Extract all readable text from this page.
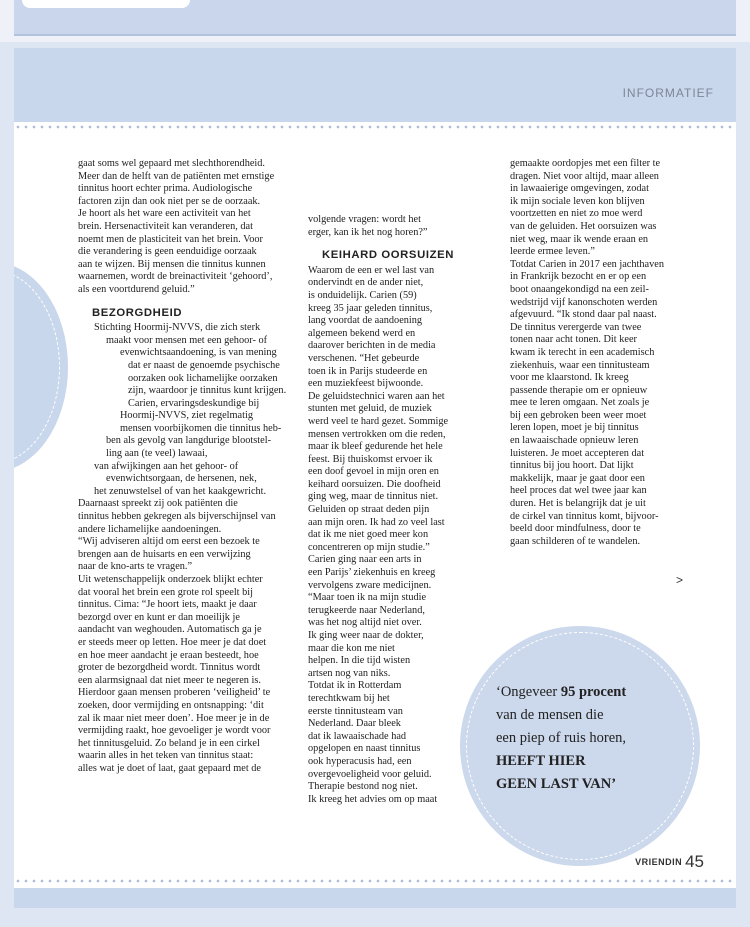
INFORMATIEF

gaat soms wel gepaard met slechthorendheid.

Meer dan de helft van de patiënten met ernstige

tinnitus hoort echter prima. Audiologische

factoren zijn dan ook niet per se de oorzaak.

Je hoort als het ware een activiteit van het

brein. Hersenactiviteit kan veranderen, dat

noemt men de plasticiteit van het brein. Voor

die verandering is geen eenduidige oorzaak

aan te wijzen. Bij mensen die tinnitus kunnen

waarnemen, wordt de breinactiviteit ‘gehoord’,

als een voortdurend geluid.”

BEZORGDHEID

Stichting Hoormij-NVVS, die zich sterk

maakt voor mensen met een gehoor- of

evenwichtsaandoening, is van mening

dat er naast de genoemde psychische

oorzaken ook lichamelijke oorzaken

zijn, waardoor je tinnitus kunt krijgen.

Carien, ervaringsdeskundige bij

Hoormij-NVVS, ziet regelmatig

mensen voorbijkomen die tinnitus heb-

ben als gevolg van langdurige blootstel-

ling aan (te veel) lawaai,

van afwijkingen aan het gehoor- of

evenwichtsorgaan, de hersenen, nek,

het zenuwstelsel of van het kaakgewricht.

Daarnaast spreekt zij ook patiënten die

tinnitus hebben gekregen als bijverschijnsel van

andere lichamelijke aandoeningen.

“Wij adviseren altijd om eerst een bezoek te

brengen aan de huisarts en een verwijzing

naar de kno-arts te vragen.”

Uit wetenschappelijk onderzoek blijkt echter

dat vooral het brein een grote rol speelt bij

tinnitus. Cima: “Je hoort iets, maakt je daar

bezorgd over en kunt er dan moeilijk je

aandacht van weghouden. Automatisch ga je

er steeds meer op letten. Hoe meer je dat doet

en hoe meer aandacht je eraan besteedt, hoe

groter de bezorgdheid wordt. Tinnitus wordt

een alarmsignaal dat niet meer te negeren is.

Hierdoor gaan mensen proberen ‘veiligheid’ te

zoeken, door vermijding en ontsnapping: ‘dit

zal ik maar niet meer doen’. Hoe meer je in de

vermijding raakt, hoe gevoeliger je wordt voor

het tinnitusgeluid. Zo beland je in een cirkel

waarin alles in het teken van tinnitus staat:

alles wat je doet of laat, gaat gepaard met de

volgende vragen: wordt het

erger, kan ik het nog horen?”

KEIHARD OORSUIZEN

Waarom de een er wel last van

ondervindt en de ander niet,

is onduidelijk. Carien (59)

kreeg 35 jaar geleden tinnitus,

lang voordat de aandoening

algemeen bekend werd en

daarover berichten in de media

verschenen. “Het gebeurde

toen ik in Parijs studeerde en

een muziekfeest bijwoonde.

De geluidstechnici waren aan het

stunten met geluid, de muziek

werd veel te hard gezet. Sommige

mensen vertrokken om die reden,

maar ik bleef gedurende het hele

feest. Bij thuiskomst ervoer ik

een doof gevoel in mijn oren en

keihard oorsuizen. Die doofheid

ging weg, maar de tinnitus niet.

Geluiden op straat deden pijn

aan mijn oren. Ik had zo veel last

dat ik me niet goed meer kon

concentreren op mijn studie.”

Carien ging naar een arts in

een Parijs’ ziekenhuis en kreeg

vervolgens zware medicijnen.

“Maar toen ik na mijn studie

terugkeerde naar Nederland,

was het nog altijd niet over.

Ik ging weer naar de dokter,

maar die kon me niet

helpen. In die tijd wisten

artsen nog van niks.

Totdat ik in Rotterdam

terechtkwam bij het

eerste tinnitusteam van

Nederland. Daar bleek

dat ik lawaaischade had

opgelopen en naast tinnitus

ook hyperacusis had, een

overgevoeligheid voor geluid.

Therapie bestond nog niet.

Ik kreeg het advies om op maat

gemaakte oordopjes met een filter te

dragen. Niet voor altijd, maar alleen

in lawaaierige omgevingen, zodat

ik mijn sociale leven kon blijven

voortzetten en niet zo moe werd

van de geluiden. Het oorsuizen was

niet weg, maar ik wende eraan en

leerde ermee leven.”

Totdat Carien in 2017 een jachthaven

in Frankrijk bezocht en er op een

boot onaangekondigd na een zeil-

wedstrijd vijf kanonschoten werden

afgevuurd. “Ik stond daar pal naast.

De tinnitus verergerde van twee

tonen naar acht tonen. Dit keer

kwam ik terecht in een academisch

ziekenhuis, waar een tinnitusteam

voor me klaarstond. Ik kreeg

passende therapie om er opnieuw

mee te leren omgaan. Net zoals je

bij een gebroken been weer moet

leren lopen, moet je bij tinnitus

en lawaaischade opnieuw leren

luisteren. Je moet accepteren dat

tinnitus bij jou hoort. Dat lijkt

makkelijk, maar je gaat door een

heel proces dat wel twee jaar kan

duren. Het is belangrijk dat je uit

de cirkel van tinnitus komt, bijvoor-

beeld door mindfulness, door te

gaan schilderen of te wandelen.

>
‘Ongeveer 95 procent
van de mensen die
een piep of ruis horen,
HEEFT HIER
GEEN LAST VAN’
VRIENDIN 45
